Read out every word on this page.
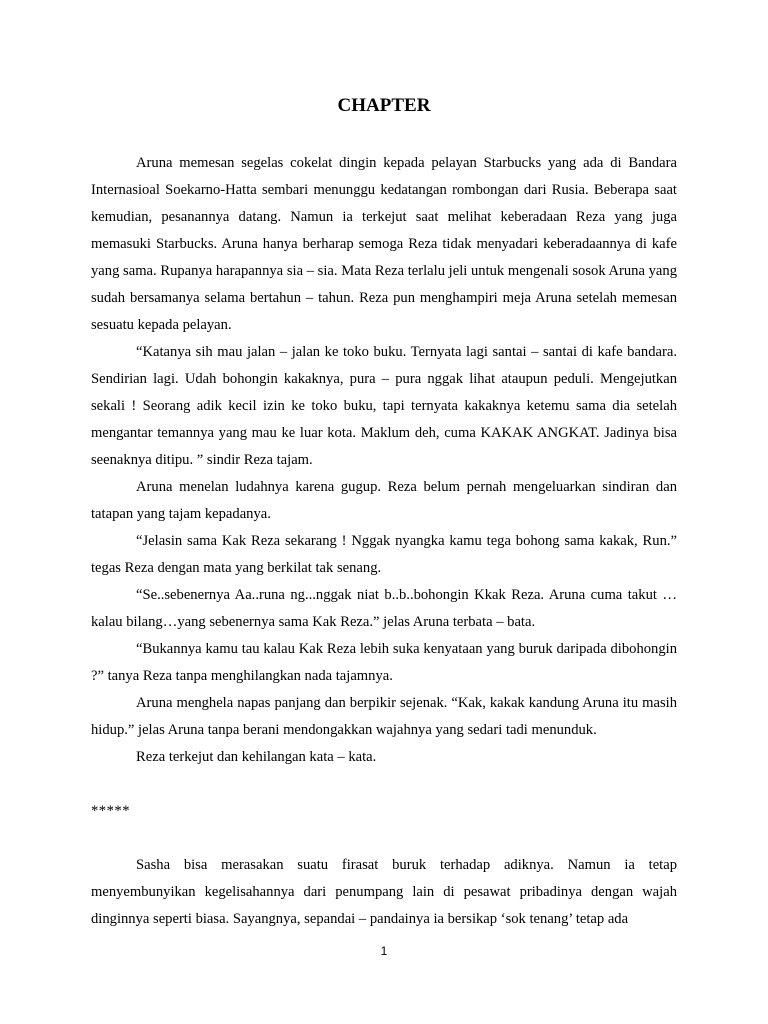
CHAPTER

Aruna memesan segelas cokelat dingin kepada pelayan Starbucks yang ada di Bandara Internasioal Soekarno-Hatta sembari menunggu kedatangan rombongan dari Rusia. Beberapa saat kemudian, pesanannya datang. Namun ia terkejut saat melihat keberadaan Reza yang juga memasuki Starbucks. Aruna hanya berharap semoga Reza tidak menyadari keberadaannya di kafe yang sama. Rupanya harapannya sia – sia. Mata Reza terlalu jeli untuk mengenali sosok Aruna yang sudah bersamanya selama bertahun – tahun. Reza pun menghampiri meja Aruna setelah memesan sesuatu kepada pelayan.

“Katanya sih mau jalan – jalan ke toko buku. Ternyata lagi santai – santai di kafe bandara. Sendirian lagi. Udah bohongin kakaknya, pura – pura nggak lihat ataupun peduli. Mengejutkan sekali ! Seorang adik kecil izin ke toko buku, tapi ternyata kakaknya ketemu sama dia setelah mengantar temannya yang mau ke luar kota. Maklum deh, cuma KAKAK ANGKAT. Jadinya bisa seenaknya ditipu. ” sindir Reza tajam.

Aruna menelan ludahnya karena gugup. Reza belum pernah mengeluarkan sindiran dan tatapan yang tajam kepadanya.

“Jelasin sama Kak Reza sekarang ! Nggak nyangka kamu tega bohong sama kakak, Run.” tegas Reza dengan mata yang berkilat tak senang.

“Se..sebenernya Aa..runa ng...nggak niat b..b..bohongin Kkak Reza. Aruna cuma takut … kalau bilang…yang sebenernya sama Kak Reza.” jelas Aruna terbata – bata.

“Bukannya kamu tau kalau Kak Reza lebih suka kenyataan yang buruk daripada dibohongin ?” tanya Reza tanpa menghilangkan nada tajamnya.

Aruna menghela napas panjang dan berpikir sejenak. “Kak, kakak kandung Aruna itu masih hidup.” jelas Aruna tanpa berani mendongakkan wajahnya yang sedari tadi menunduk.

Reza terkejut dan kehilangan kata – kata.

*****

Sasha bisa merasakan suatu firasat buruk terhadap adiknya. Namun ia tetap menyembunyikan kegelisahannya dari penumpang lain di pesawat pribadinya dengan wajah dinginnya seperti biasa. Sayangnya, sepandai – pandainya ia bersikap ‘sok tenang’ tetap ada

1
